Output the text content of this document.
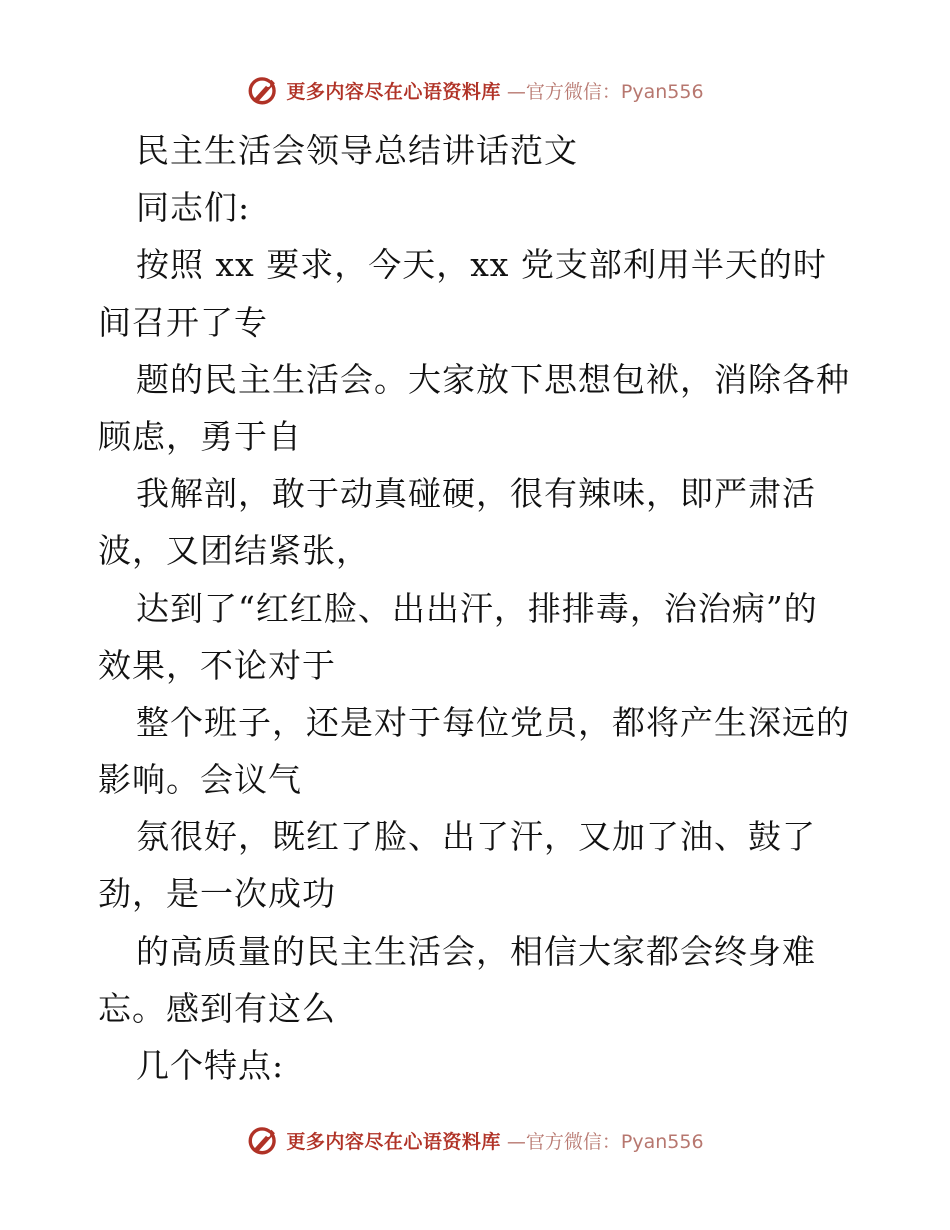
更多内容尽在心语资料库 —官方微信：Pyan556
民主生活会领导总结讲话范文
同志们:
按照 xx 要求，今天，xx 党支部利用半天的时
间召开了专
题的民主生活会。大家放下思想包袱，消除各种
顾虑，勇于自
我解剖，敢于动真碰硬，很有辣味，即严肃活
波，又团结紧张，
达到了“红红脸、出出汗，排排毒，治治病”的
效果，不论对于
整个班子，还是对于每位党员，都将产生深远的
影响。会议气
氛很好，既红了脸、出了汗，又加了油、鼓了
劲，是一次成功
的高质量的民主生活会，相信大家都会终身难
忘。感到有这么
几个特点:
更多内容尽在心语资料库 —官方微信：Pyan556
